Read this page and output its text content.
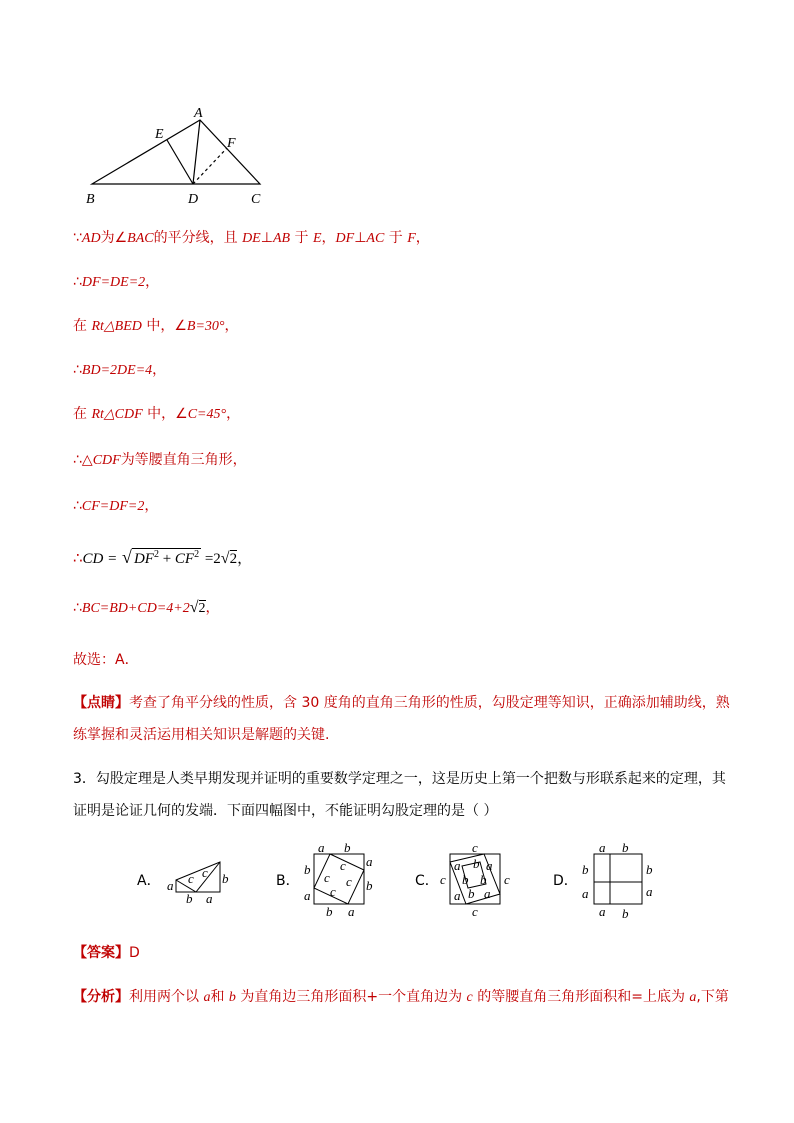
A
E
F
B	D	C
∵AD为∠BAC的平分线，且 DE⊥AB 于 E，DF⊥AC 于 F，
∴DF=DE=2，
在 Rt△BED 中，∠B=30°，
∴BD=2DE=4，
在 Rt△CDF 中，∠C=45°，
∴△CDF为等腰直角三角形，
∴CF=DF=2，
∴CD = √ $DF^2 + CF^2 =2√2$，
∴BC=BD+CD=4+2√2，
故选：A．
【点睛】考查了角平分线的性质，含 30 度角的直角三角形的性质，勾股定理等知识，正确添加辅助线，熟
练掌握和灵活运用相关知识是解题的关键.
3．勾股定理是人类早期发现并证明的重要数学定理之一，这是历史上第一个把数与形联系起来的定理，其
证明是论证几何的发端．下面四幅图中，不能证明勾股定理的是（ ）
A． a c c b
b a
B．
a b
a
b
b
a
b a
c
c c
c
C．
c
a b a
b b
a b a
c	c
c
D．
a b
b
a
b
a
a b
【答案】D
【分析】利用两个以 a和 b 为直角边三角形面积+一个直角边为 c 的等腰直角三角形面积和=上底为 a,下第
